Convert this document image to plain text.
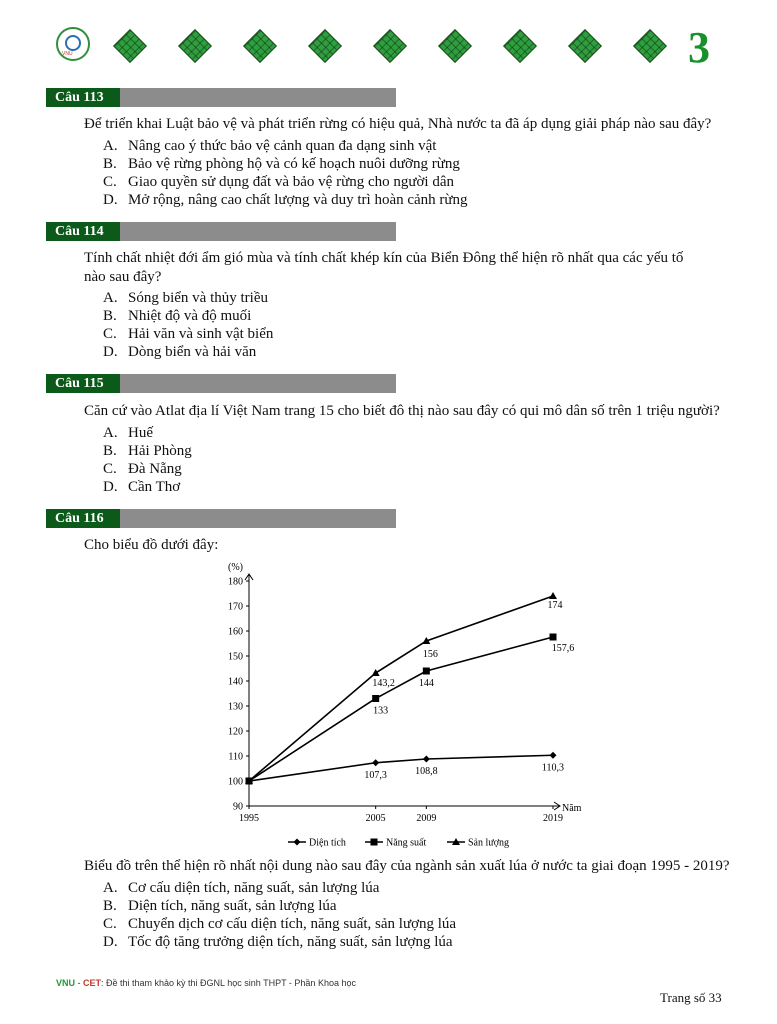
VNU	3
Câu 113
Để triển khai Luật bảo vệ và phát triển rừng có hiệu quả, Nhà nước ta đã áp dụng giải pháp nào sau đây?
A. Nâng cao ý thức bảo vệ cảnh quan đa dạng sinh vật
B. Bảo vệ rừng phòng hộ và có kế hoạch nuôi dưỡng rừng
C. Giao quyền sử dụng đất và bảo vệ rừng cho người dân
D. Mở rộng, nâng cao chất lượng và duy trì hoàn cảnh rừng
Câu 114
Tính chất nhiệt đới ẩm gió mùa và tính chất khép kín của Biển Đông thể hiện rõ nhất qua các yếu tố
nào sau đây?
A. Sóng biển và thủy triều
B. Nhiệt độ và độ muối
C. Hải văn và sinh vật biển
D. Dòng biển và hải văn
Câu 115
Căn cứ vào Atlat địa lí Việt Nam trang 15 cho biết đô thị nào sau đây có qui mô dân số trên 1 triệu người?
A. Huế
B. Hải Phòng
C. Đà Nẵng
D. Cần Thơ
Câu 116
Cho biểu đồ dưới đây:
(%)
Năm
90
100
110
120
130
140
150
160
170
180
1995	2005	2009	2019
107,3	108,8	110,3
133
144
157,6
143,2
156
174
Diện tích	Năng suất	Sản lượng
Biểu đồ trên thể hiện rõ nhất nội dung nào sau đây của ngành sản xuất lúa ở nước ta giai đoạn 1995 - 2019?
A. Cơ cấu diện tích, năng suất, sản lượng lúa
B. Diện tích, năng suất, sản lượng lúa
C. Chuyển dịch cơ cấu diện tích, năng suất, sản lượng lúa
D. Tốc độ tăng trưởng diện tích, năng suất, sản lượng lúa
VNU - CET: Đề thi tham khảo kỳ thi ĐGNL học sinh THPT - Phần Khoa học
Trang số 33
